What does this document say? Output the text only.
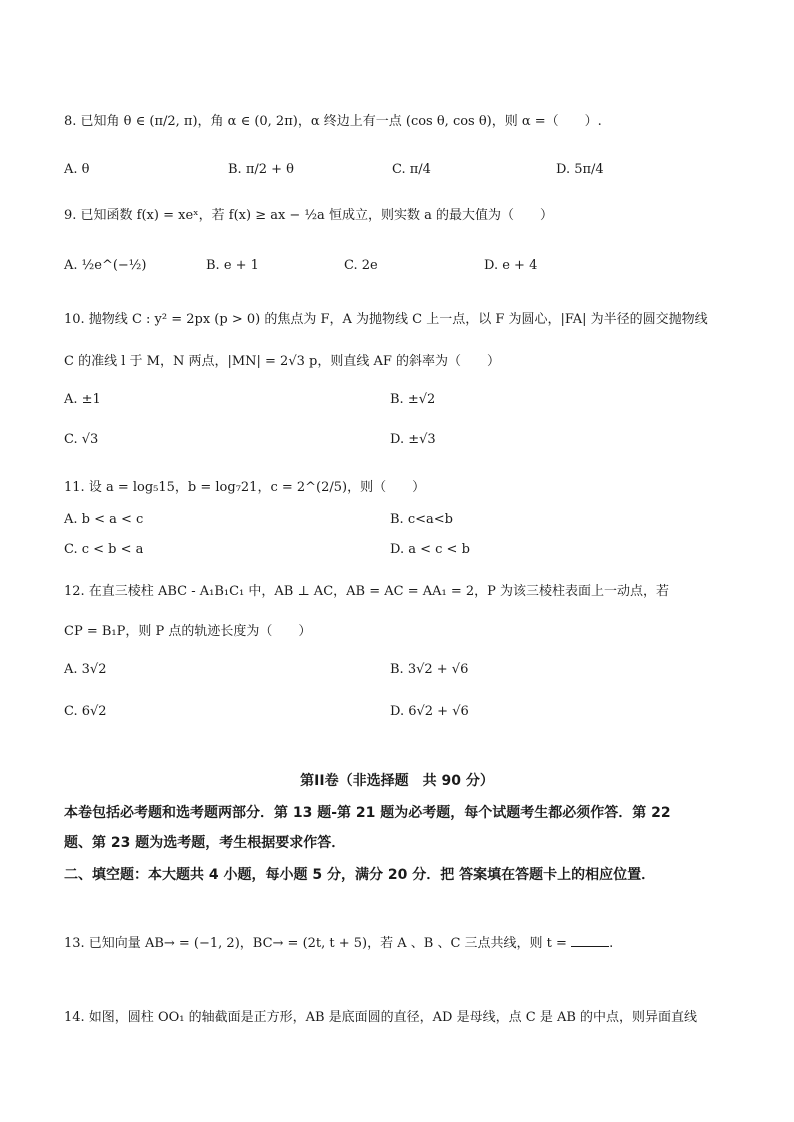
8. 已知角 θ ∈ (π/2, π)，角 α ∈ (0, 2π)，α 终边上有一点 (cos θ, cos θ)，则 α =（　　）.
A. θ	B. π/2 + θ	C. π/4	D. 5π/4
9. 已知函数 f(x) = xeˣ，若 f(x) ≥ ax − ½a 恒成立，则实数 a 的最大值为（　　）
A. ½e^(−½)	B. e + 1	C. 2e	D. e + 4
10. 抛物线 C : y² = 2px (p > 0) 的焦点为 F，A 为抛物线 C 上一点，以 F 为圆心，|FA| 为半径的圆交抛物线
C 的准线 l 于 M，N 两点，|MN| = 2√3 p，则直线 AF 的斜率为（　　）
A. ±1	B. ±√2
C. √3	D. ±√3
11. 设 a = log₅15，b = log₇21，c = 2^(2/5)，则（　　）
A. b < a < c	B. c<a<b
C. c < b < a	D. a < c < b
12. 在直三棱柱 ABC - A₁B₁C₁ 中，AB ⊥ AC，AB = AC = AA₁ = 2，P 为该三棱柱表面上一动点，若
CP = B₁P，则 P 点的轨迹长度为（　　）
A. 3√2	B. 3√2 + √6
C. 6√2	D. 6√2 + √6
第II卷（非选择题　共 90 分）
本卷包括必考题和选考题两部分．第 13 题-第 21 题为必考题，每个试题考生都必须作答．第 22
题、第 23 题为选考题，考生根据要求作答．
二、填空题：本大题共 4 小题，每小题 5 分，满分 20 分．把 答案填在答题卡上的相应位置．
13. 已知向量 AB→ = (−1, 2)，BC→ = (2t, t + 5)，若 A 、B 、C 三点共线，则 t =	.
14. 如图，圆柱 OO₁ 的轴截面是正方形，AB 是底面圆的直径，AD 是母线，点 C 是 AB 的中点，则异面直线
